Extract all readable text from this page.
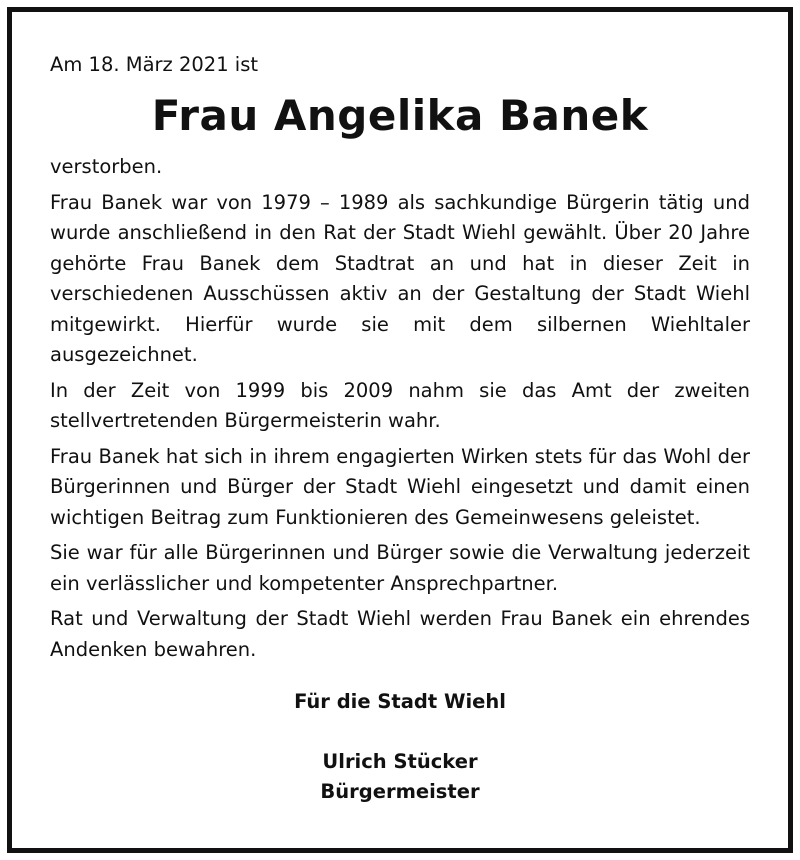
Am 18. März 2021 ist

Frau Angelika Banek

verstorben.

Frau Banek war von 1979 – 1989 als sachkundige Bürgerin tätig und wurde anschließend in den Rat der Stadt Wiehl gewählt. Über 20 Jahre gehörte Frau Banek dem Stadtrat an und hat in dieser Zeit in verschiedenen Ausschüssen aktiv an der Gestaltung der Stadt Wiehl mitgewirkt. Hierfür wurde sie mit dem silbernen Wiehltaler ausgezeichnet.

In der Zeit von 1999 bis 2009 nahm sie das Amt der zweiten stellvertretenden Bürgermeisterin wahr.

Frau Banek hat sich in ihrem engagierten Wirken stets für das Wohl der Bürgerinnen und Bürger der Stadt Wiehl eingesetzt und damit einen wichtigen Beitrag zum Funktionieren des Gemeinwesens geleistet.

Sie war für alle Bürgerinnen und Bürger sowie die Verwaltung jederzeit ein verlässlicher und kompetenter Ansprechpartner.

Rat und Verwaltung der Stadt Wiehl werden Frau Banek ein ehrendes Andenken bewahren.

Für die Stadt Wiehl
Ulrich Stücker
Bürgermeister
